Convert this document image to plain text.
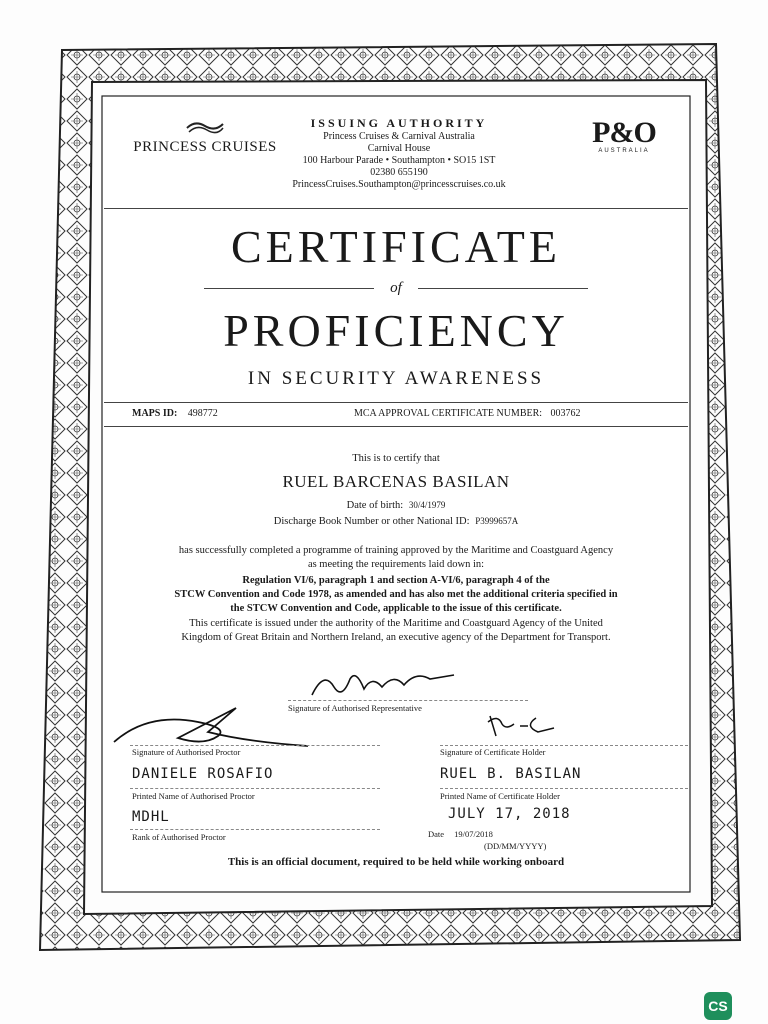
PRINCESS CRUISES
ISSUING AUTHORITY
Princess Cruises & Carnival Australia
Carnival House
100 Harbour Parade • Southampton • SO15 1ST
02380 655190
PrincessCruises.Southampton@princesscruises.co.uk
P&O
AUSTRALIA
CERTIFICATE
of
PROFICIENCY
IN SECURITY AWARENESS
MAPS ID: 498772	MCA APPROVAL CERTIFICATE NUMBER: 003762
This is to certify that
RUEL BARCENAS BASILAN
Date of birth: 30/4/1979
Discharge Book Number or other National ID: P3999657A
has successfully completed a programme of training approved by the Maritime and Coastguard Agency
as meeting the requirements laid down in:
Regulation VI/6, paragraph 1 and section A-VI/6, paragraph 4 of the
STCW Convention and Code 1978, as amended and has also met the additional criteria specified in
the STCW Convention and Code, applicable to the issue of this certificate.
This certificate is issued under the authority of the Maritime and Coastguard Agency of the United
Kingdom of Great Britain and Northern Ireland, an executive agency of the Department for Transport.
Signature of Authorised Representative
Signature of Authorised Proctor	Signature of Certificate Holder
DANIELE ROSAFIO
Printed Name of Authorised Proctor
RUEL B. BASILAN
Printed Name of Certificate Holder
MDHL
Rank of Authorised Proctor
JULY 17, 2018
Date 19/07/2018
(DD/MM/YYYY)
This is an official document, required to be held while working onboard
CS
